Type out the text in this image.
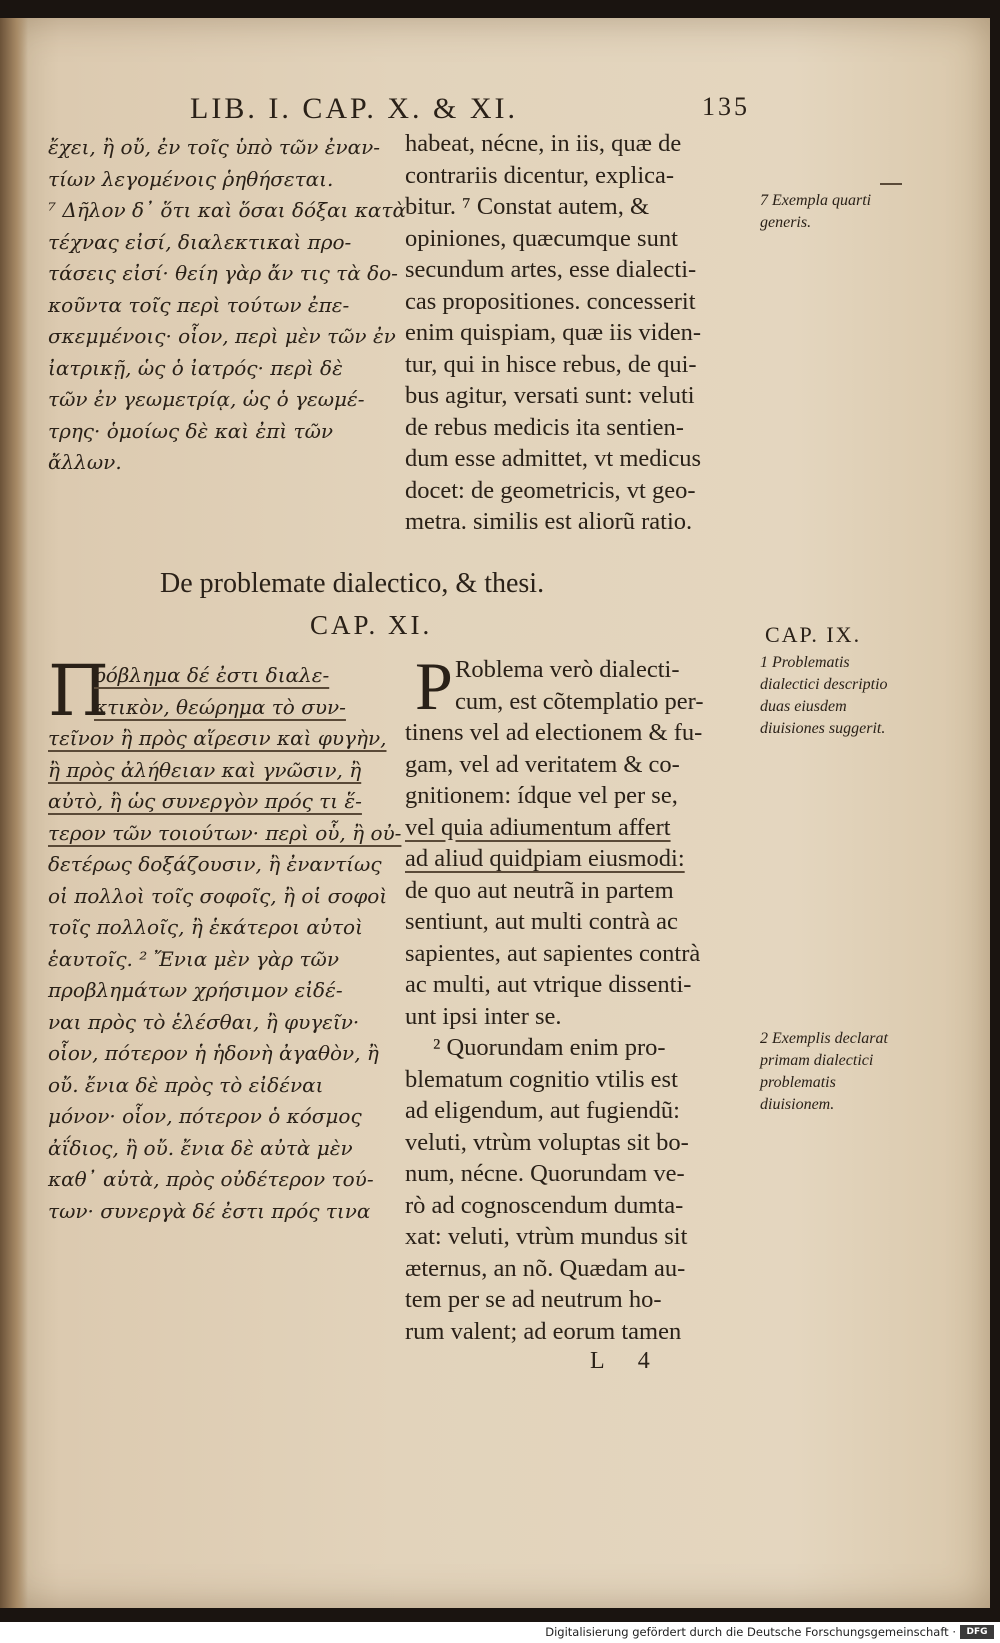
LIB. I. CAP. X. & XI.	135
ἔχει, ἢ οὔ, ἐν τοῖς ὑπὸ τῶν ἐναν-
τίων λεγομένοις ῥηθήσεται.
⁷ Δῆλον δ᾽ ὅτι καὶ ὅσαι δόξαι κατὰ
τέχνας εἰσί, διαλεκτικαὶ προ-
τάσεις εἰσί· θείη γὰρ ἄν τις τὰ δο-
κοῦντα τοῖς περὶ τούτων ἐπε-
σκεμμένοις· οἷον, περὶ μὲν τῶν ἐν
ἰατρικῇ, ὡς ὁ ἰατρός· περὶ δὲ
τῶν ἐν γεωμετρίᾳ, ὡς ὁ γεωμέ-
τρης· ὁμοίως δὲ καὶ ἐπὶ τῶν
ἄλλων.
habeat, nécne, in iis, quæ de
contrariis dicentur, explica-
bitur. ⁷ Constat autem, &
opiniones, quæcumque sunt
secundum artes, esse dialecti-
cas propositiones. concesserit
enim quispiam, quæ iis viden-
tur, qui in hisce rebus, de qui-
bus agitur, versati sunt: veluti
de rebus medicis ita sentien-
dum esse admittet, vt medicus
docet: de geometricis, vt geo-
metra. similis est aliorũ ratio.
7 Exempla quarti generis.
De problemate dialectico, & thesi.
CAP. XI.	CAP. IX.
Π
ρόβλημα δέ ἐστι διαλε-
κτικὸν, θεώρημα τὸ συν-
τεῖνον ἢ πρὸς αἵρεσιν καὶ φυγὴν,
ἢ πρὸς ἀλήθειαν καὶ γνῶσιν, ἢ
αὐτὸ, ἢ ὡς συνεργὸν πρός τι ἕ-
τερον τῶν τοιούτων· περὶ οὗ, ἢ οὐ-
δετέρως δοξάζουσιν, ἢ ἐναντίως
οἱ πολλοὶ τοῖς σοφοῖς, ἢ οἱ σοφοὶ
τοῖς πολλοῖς, ἢ ἑκάτεροι αὐτοὶ
ἑαυτοῖς. ² Ἔνια μὲν γὰρ τῶν
προβλημάτων χρήσιμον εἰδέ-
ναι πρὸς τὸ ἑλέσθαι, ἢ φυγεῖν·
οἷον, πότερον ἡ ἡδονὴ ἀγαθὸν, ἢ
οὔ. ἔνια δὲ πρὸς τὸ εἰδέναι
μόνον· οἷον, πότερον ὁ κόσμος
ἀΐδιος, ἢ οὔ. ἔνια δὲ αὐτὰ μὲν
καθ᾽ αὑτὰ, πρὸς οὐδέτερον τού-
των· συνεργὰ δέ ἐστι πρός τινα
P Roblema verò dialecti-
cum, est cõtemplatio per-
tinens vel ad electionem & fu-
gam, vel ad veritatem & co-
gnitionem: ídque vel per se,
vel quia adiumentum affert
ad aliud quidpiam eiusmodi:
de quo aut neutrã in partem
sentiunt, aut multi contrà ac
sapientes, aut sapientes contrà
ac multi, aut vtrique dissenti-
unt ipsi inter se.
² Quorundam enim pro-
blematum cognitio vtilis est
ad eligendum, aut fugiendũ:
veluti, vtrùm voluptas sit bo-
num, nécne. Quorundam ve-
rò ad cognoscendum dumta-
xat: veluti, vtrùm mundus sit
æternus, an nõ. Quædam au-
tem per se ad neutrum ho-
rum valent; ad eorum tamen
1 Problematis dialectici descriptio duas eiusdem diuisiones suggerit.
2 Exemplis declarat primam dialectici problematis diuisionem.
L 4
Digitalisierung gefördert durch die Deutsche Forschungsgemeinschaft ·	DFG
